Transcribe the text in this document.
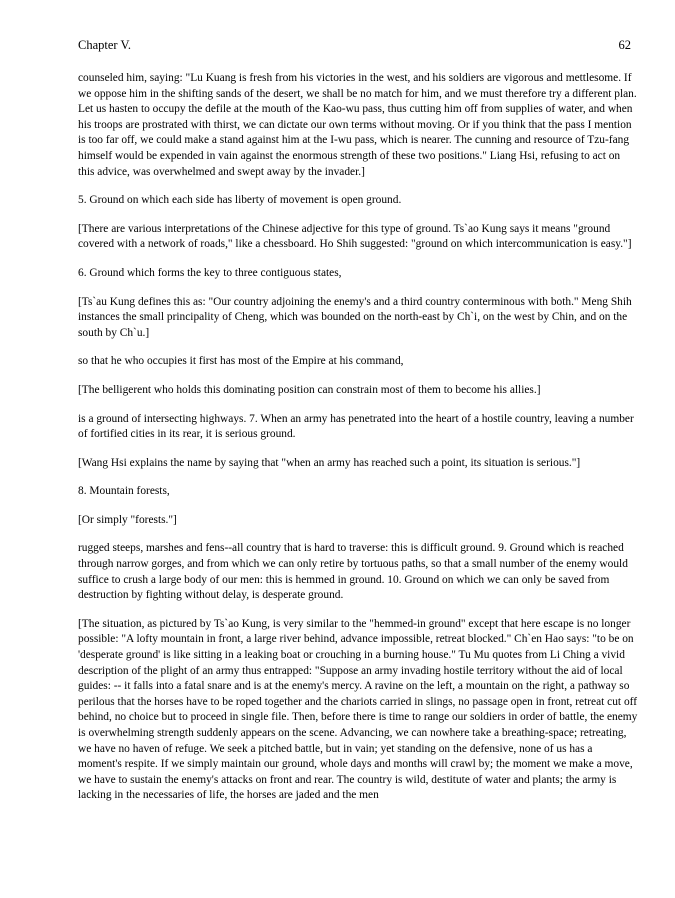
Chapter V.	62

counseled him, saying: "Lu Kuang is fresh from his victories in the west, and his soldiers are vigorous and mettlesome. If we oppose him in the shifting sands of the desert, we shall be no match for him, and we must therefore try a different plan. Let us hasten to occupy the defile at the mouth of the Kao-wu pass, thus cutting him off from supplies of water, and when his troops are prostrated with thirst, we can dictate our own terms without moving. Or if you think that the pass I mention is too far off, we could make a stand against him at the I-wu pass, which is nearer. The cunning and resource of Tzu-fang himself would be expended in vain against the enormous strength of these two positions." Liang Hsi, refusing to act on this advice, was overwhelmed and swept away by the invader.]

5. Ground on which each side has liberty of movement is open ground.

[There are various interpretations of the Chinese adjective for this type of ground. Ts`ao Kung says it means "ground covered with a network of roads," like a chessboard. Ho Shih suggested: "ground on which intercommunication is easy."]

6. Ground which forms the key to three contiguous states,

[Ts`au Kung defines this as: "Our country adjoining the enemy's and a third country conterminous with both." Meng Shih instances the small principality of Cheng, which was bounded on the north-east by Ch`i, on the west by Chin, and on the south by Ch`u.]

so that he who occupies it first has most of the Empire at his command,

[The belligerent who holds this dominating position can constrain most of them to become his allies.]

is a ground of intersecting highways. 7. When an army has penetrated into the heart of a hostile country, leaving a number of fortified cities in its rear, it is serious ground.

[Wang Hsi explains the name by saying that "when an army has reached such a point, its situation is serious."]

8. Mountain forests,

[Or simply "forests."]

rugged steeps, marshes and fens--all country that is hard to traverse: this is difficult ground. 9. Ground which is reached through narrow gorges, and from which we can only retire by tortuous paths, so that a small number of the enemy would suffice to crush a large body of our men: this is hemmed in ground. 10. Ground on which we can only be saved from destruction by fighting without delay, is desperate ground.

[The situation, as pictured by Ts`ao Kung, is very similar to the "hemmed-in ground" except that here escape is no longer possible: "A lofty mountain in front, a large river behind, advance impossible, retreat blocked." Ch`en Hao says: "to be on 'desperate ground' is like sitting in a leaking boat or crouching in a burning house." Tu Mu quotes from Li Ching a vivid description of the plight of an army thus entrapped: "Suppose an army invading hostile territory without the aid of local guides: -- it falls into a fatal snare and is at the enemy's mercy. A ravine on the left, a mountain on the right, a pathway so perilous that the horses have to be roped together and the chariots carried in slings, no passage open in front, retreat cut off behind, no choice but to proceed in single file. Then, before there is time to range our soldiers in order of battle, the enemy is overwhelming strength suddenly appears on the scene. Advancing, we can nowhere take a breathing-space; retreating, we have no haven of refuge. We seek a pitched battle, but in vain; yet standing on the defensive, none of us has a moment's respite. If we simply maintain our ground, whole days and months will crawl by; the moment we make a move, we have to sustain the enemy's attacks on front and rear. The country is wild, destitute of water and plants; the army is lacking in the necessaries of life, the horses are jaded and the men
